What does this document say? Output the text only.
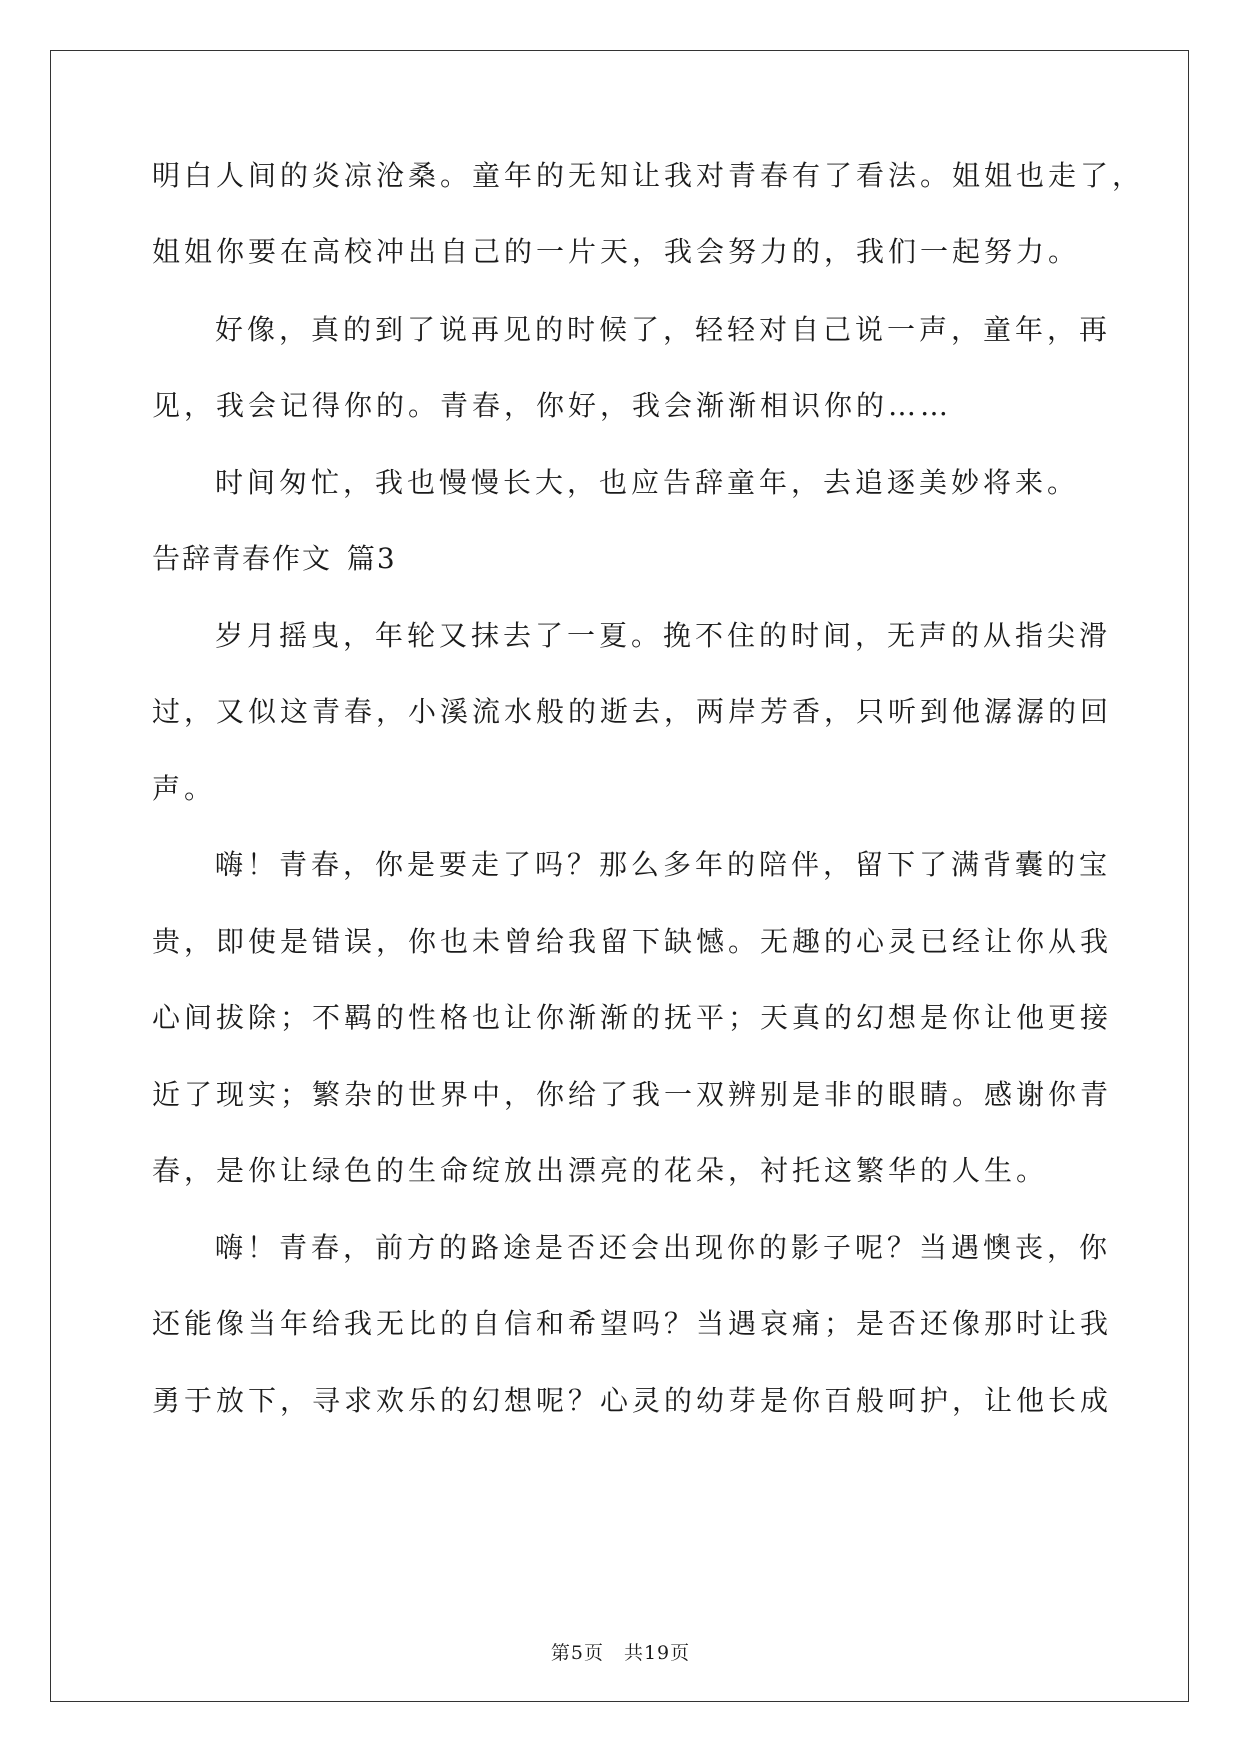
明白人间的炎凉沧桑。童年的无知让我对青春有了看法。姐姐也走了，
姐姐你要在高校冲出自己的一片天，我会努力的，我们一起努力。
好像，真的到了说再见的时候了，轻轻对自己说一声，童年，再
见，我会记得你的。青春，你好，我会渐渐相识你的……
时间匆忙，我也慢慢长大，也应告辞童年，去追逐美妙将来。
告辞青春作文 篇3
岁月摇曳，年轮又抹去了一夏。挽不住的时间，无声的从指尖滑
过，又似这青春，小溪流水般的逝去，两岸芳香，只听到他潺潺的回
声。
嗨！青春，你是要走了吗？那么多年的陪伴，留下了满背囊的宝
贵，即使是错误，你也未曾给我留下缺憾。无趣的心灵已经让你从我
心间拔除；不羁的性格也让你渐渐的抚平；天真的幻想是你让他更接
近了现实；繁杂的世界中，你给了我一双辨别是非的眼睛。感谢你青
春，是你让绿色的生命绽放出漂亮的花朵，衬托这繁华的人生。
嗨！青春，前方的路途是否还会出现你的影子呢？当遇懊丧，你
还能像当年给我无比的自信和希望吗？当遇哀痛；是否还像那时让我
勇于放下，寻求欢乐的幻想呢？心灵的幼芽是你百般呵护，让他长成
第5页　共19页
